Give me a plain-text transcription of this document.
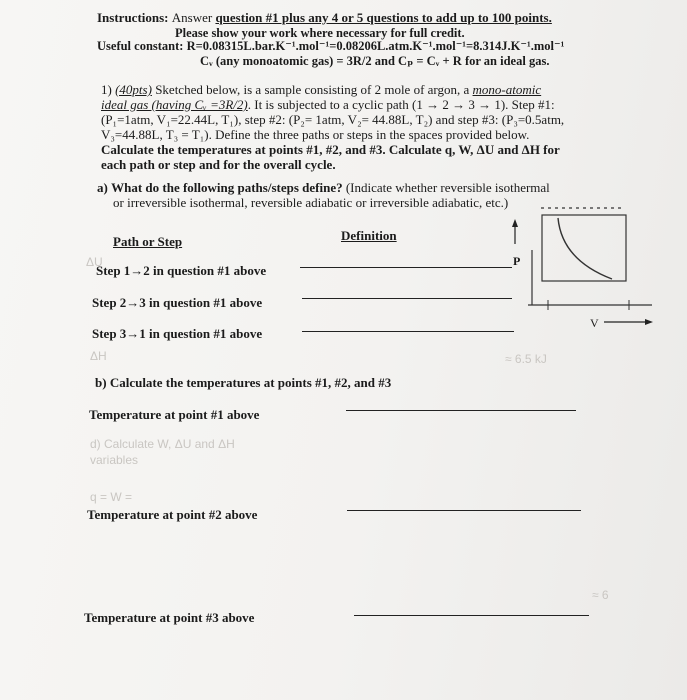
Instructions: Answer question #1 plus any 4 or 5 questions to add up to 100 points.
Please show your work where necessary for full credit.
Useful constant: R=0.08315L.bar.K⁻¹.mol⁻¹=0.08206L.atm.K⁻¹.mol⁻¹=8.314J.K⁻¹.mol⁻¹
Cᵥ (any monoatomic gas) = 3R/2 and Cₚ = Cᵥ + R for an ideal gas.
1) (40pts) Sketched below, is a sample consisting of 2 mole of argon, a mono-atomic
ideal gas (having Cᵥ =3R/2). It is subjected to a cyclic path (1 → 2 → 3 → 1). Step #1:
(P₁=1atm, V₁=22.44L, T₁), step #2: (P₂= 1atm, V₂= 44.88L, T₂) and step #3: (P₃=0.5atm,
V₃=44.88L, T₃ = T₁). Define the three paths or steps in the spaces provided below.
Calculate the temperatures at points #1, #2, and #3. Calculate q, W, ΔU and ΔH for
each path or step and for the overall cycle.
a) What do the following paths/steps define? (Indicate whether reversible isothermal
or irreversible isothermal, reversible adiabatic or irreversible adiabatic, etc.)
Path or Step	Definition
Step 1→2 in question #1 above
Step 2→3 in question #1 above
Step 3→1 in question #1 above
ΔU
ΔH
d) Calculate W, ΔU and ΔH
variables
q = W =
≈ 6.5 kJ
≈ 6
P
V
b) Calculate the temperatures at points #1, #2, and #3
Temperature at point #1 above
Temperature at point #2 above
Temperature at point #3 above
